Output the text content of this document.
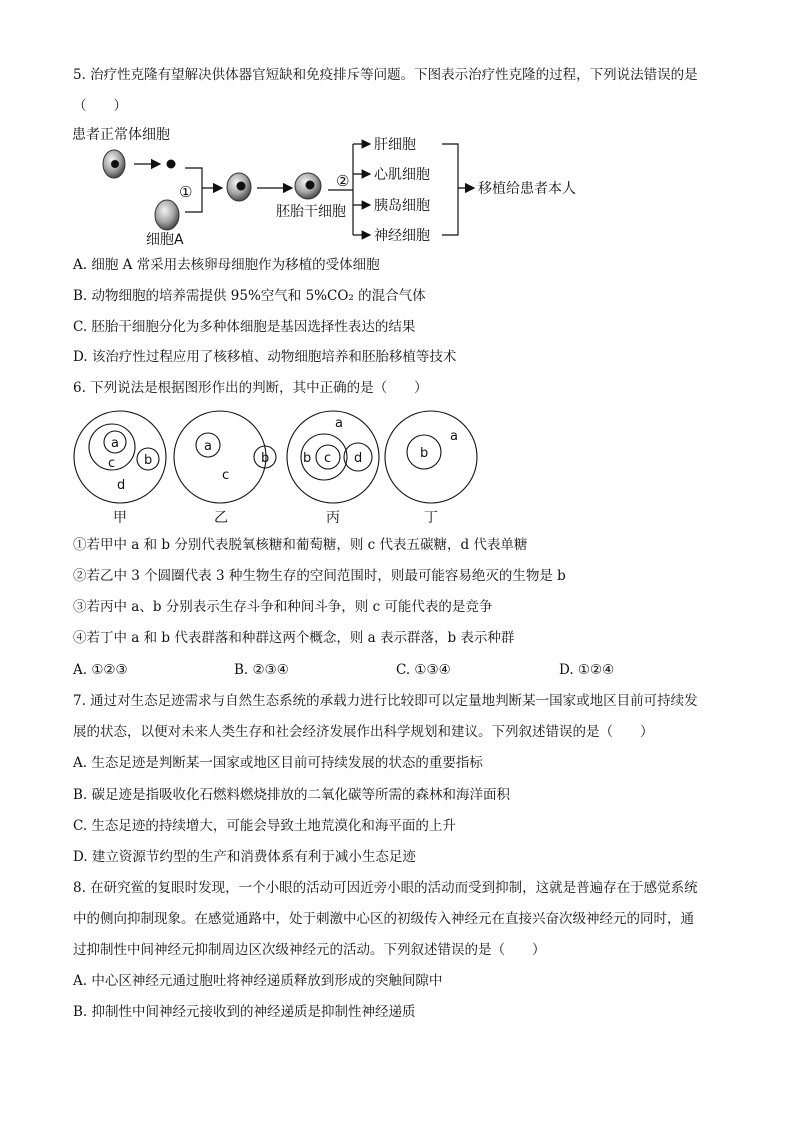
5. 治疗性克隆有望解决供体器官短缺和免疫排斥等问题。下图表示治疗性克隆的过程，下列说法错误的是
（　　）
患者正常体细胞
细胞A
①
胚胎干细胞
②
肝细胞
心肌细胞
胰岛细胞
神经细胞
移植给患者本人
A. 细胞 A 常采用去核卵母细胞作为移植的受体细胞
B. 动物细胞的培养需提供 95%空气和 5%CO₂ 的混合气体
C. 胚胎干细胞分化为多种体细胞是基因选择性表达的结果
D. 该治疗性过程应用了核移植、动物细胞培养和胚胎移植等技术
6. 下列说法是根据图形作出的判断，其中正确的是（　　）
a
c b
d
甲
a
b
c
乙
a
b c d
丙
b
a
丁
①若甲中 a 和 b 分别代表脱氧核糖和葡萄糖，则 c 代表五碳糖，d 代表单糖
②若乙中 3 个圆圈代表 3 种生物生存的空间范围时，则最可能容易绝灭的生物是 b
③若丙中 a、b 分别表示生存斗争和种间斗争，则 c 可能代表的是竞争
④若丁中 a 和 b 代表群落和种群这两个概念，则 a 表示群落，b 表示种群
A. ①②③	B. ②③④	C. ①③④	D. ①②④
7. 通过对生态足迹需求与自然生态系统的承载力进行比较即可以定量地判断某一国家或地区目前可持续发
展的状态，以便对未来人类生存和社会经济发展作出科学规划和建议。下列叙述错误的是（　　）
A. 生态足迹是判断某一国家或地区目前可持续发展的状态的重要指标
B. 碳足迹是指吸收化石燃料燃烧排放的二氧化碳等所需的森林和海洋面积
C. 生态足迹的持续增大，可能会导致土地荒漠化和海平面的上升
D. 建立资源节约型的生产和消费体系有利于减小生态足迹
8. 在研究鲎的复眼时发现，一个小眼的活动可因近旁小眼的活动而受到抑制，这就是普遍存在于感觉系统
中的侧向抑制现象。在感觉通路中，处于刺激中心区的初级传入神经元在直接兴奋次级神经元的同时，通
过抑制性中间神经元抑制周边区次级神经元的活动。下列叙述错误的是（　　）
A. 中心区神经元通过胞吐将神经递质释放到形成的突触间隙中
B. 抑制性中间神经元接收到的神经递质是抑制性神经递质
